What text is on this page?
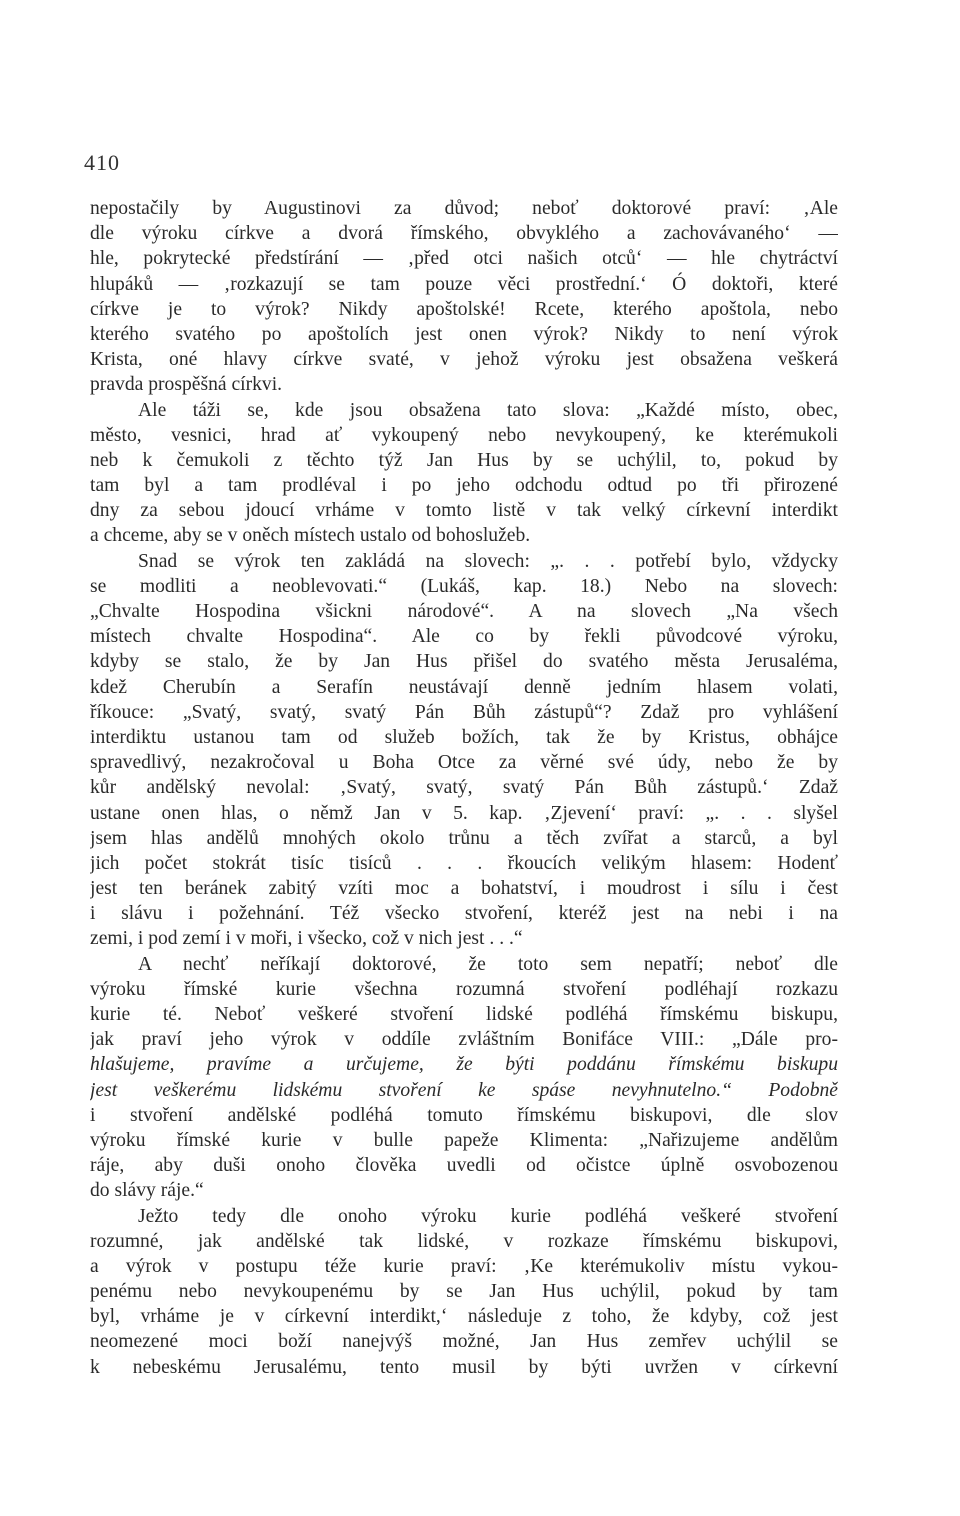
410
nepostačily by Augustinovi za důvod; neboť doktorové praví: ‚Ale
dle výroku církve a dvorá římského, obvyklého a zachovávaného‘ —
hle, pokrytecké předstírání — ‚před otci našich otců‘ — hle chytráctví
hlupáků — ‚rozkazují se tam pouze věci prostřední.‘ Ó doktoři, které
církve je to výrok? Nikdy apoštolské! Rcete, kterého apoštola, nebo
kterého svatého po apoštolích jest onen výrok? Nikdy to není výrok
Krista, oné hlavy církve svaté, v jehož výroku jest obsažena veškerá
pravda prospěšná církvi.
Ale táži se, kde jsou obsažena tato slova: „Každé místo, obec,
město, vesnici, hrad ať vykoupený nebo nevykoupený, ke kterémukoli
neb k čemukoli z těchto týž Jan Hus by se uchýlil, to, pokud by
tam byl a tam prodléval i po jeho odchodu odtud po tři přirozené
dny za sebou jdoucí vrháme v tomto listě v tak velký církevní interdikt
a chceme, aby se v oněch místech ustalo od bohoslužeb.
Snad se výrok ten zakládá na slovech: „. . . potřebí bylo, vždycky
se modliti a neoblevovati.“ (Lukáš, kap. 18.) Nebo na slovech:
„Chvalte Hospodina všickni národové“. A na slovech „Na všech
místech chvalte Hospodina“. Ale co by řekli původcové výroku,
kdyby se stalo, že by Jan Hus přišel do svatého města Jerusaléma,
kdež Cherubín a Serafín neustávají denně jedním hlasem volati,
říkouce: „Svatý, svatý, svatý Pán Bůh zástupů“? Zdaž pro vyhlášení
interdiktu ustanou tam od služeb božích, tak že by Kristus, obhájce
spravedlivý, nezakročoval u Boha Otce za věrné své údy, nebo že by
kůr andělský nevolal: ‚Svatý, svatý, svatý Pán Bůh zástupů.‘ Zdaž
ustane onen hlas, o němž Jan v 5. kap. ‚Zjevení‘ praví: „. . . slyšel
jsem hlas andělů mnohých okolo trůnu a těch zvířat a starců, a byl
jich počet stokrát tisíc tisíců . . . řkoucích velikým hlasem: Hodenť
jest ten beránek zabitý vzíti moc a bohatství, i moudrost i sílu i čest
i slávu i požehnání. Též všecko stvoření, kteréž jest na nebi i na
zemi, i pod zemí i v moři, i všecko, což v nich jest . . .“
A nechť neříkají doktorové, že toto sem nepatří; neboť dle
výroku římské kurie všechna rozumná stvoření podléhají rozkazu
kurie té. Neboť veškeré stvoření lidské podléhá římskému biskupu,
jak praví jeho výrok v oddíle zvláštním Bonifáce VIII.: „Dále pro-
hlašujeme, pravíme a určujeme, že býti poddánu římskému biskupu
jest veškerému lidskému stvoření ke spáse nevyhnutelno.“ Podobně
i stvoření andělské podléhá tomuto římskému biskupovi, dle slov
výroku římské kurie v bulle papeže Klimenta: „Nařizujeme andělům
ráje, aby duši onoho člověka uvedli od očistce úplně osvobozenou
do slávy ráje.“
Ježto tedy dle onoho výroku kurie podléhá veškeré stvoření
rozumné, jak andělské tak lidské, v rozkaze římskému biskupovi,
a výrok v postupu téže kurie praví: ‚Ke kterémukoliv místu vykou-
penému nebo nevykoupenému by se Jan Hus uchýlil, pokud by tam
byl, vrháme je v církevní interdikt,‘ následuje z toho, že kdyby, což jest
neomezené moci boží nanejvýš možné, Jan Hus zemřev uchýlil se
k nebeskému Jerusalému, tento musil by býti uvržen v církevní
